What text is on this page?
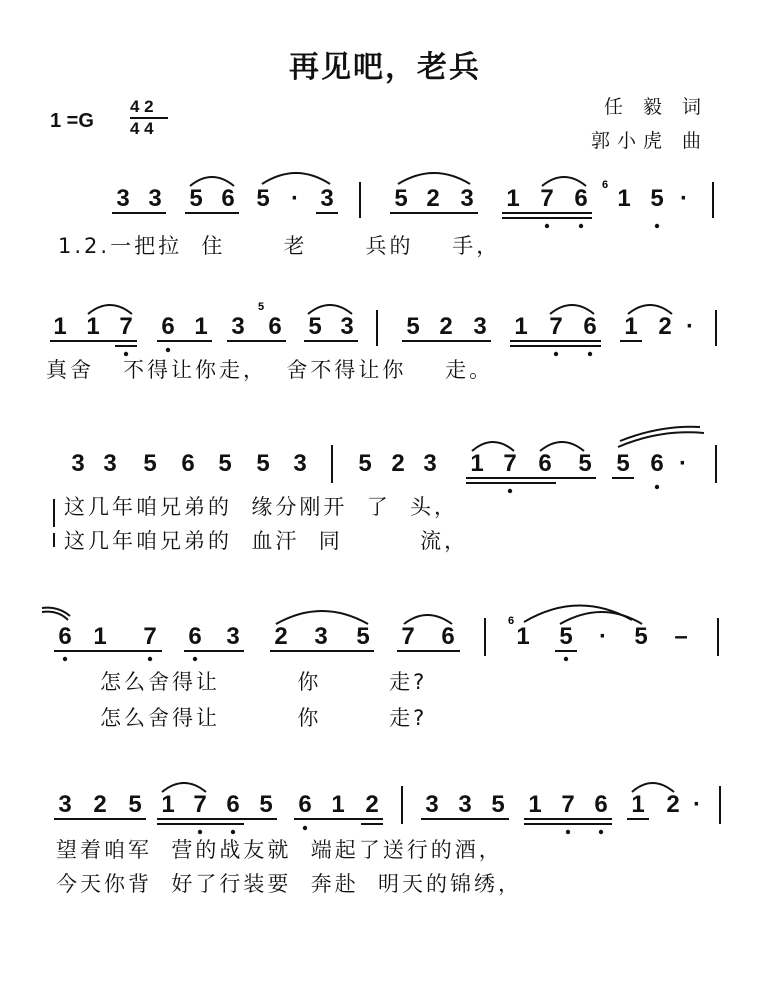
再见吧，老兵
1 =G
4 2
4 4
任 毅 词
郭小虎 曲
3 3 5 6 5 · 3	5 2 3 1 7 6 1 5 ·
6
1.2.一把拉  住      老      兵的    手，
1 1 7 6 1 3 6 5 3 5 2 3 1 7 6 1 2 ·
5
真舍   不得让你走，  舍不得让你    走。
3 3 5 6 5 5 3 5 2 3 1 7 6 5 5 6 ·
这几年咱兄弟的  缘分刚开  了  头，
这几年咱兄弟的  血汗  同        流，
6 1 7 6 3 2 3 5 7 6	1 5	·	5 –
6
怎么舍得让        你       走?
怎么舍得让        你       走?
3 2 5 1 7 6 5 6 1 2 3 3 5 1 7 6 1 2 ·
望着咱军  营的战友就  端起了送行的酒，
今天你背  好了行装要  奔赴  明天的锦绣，
